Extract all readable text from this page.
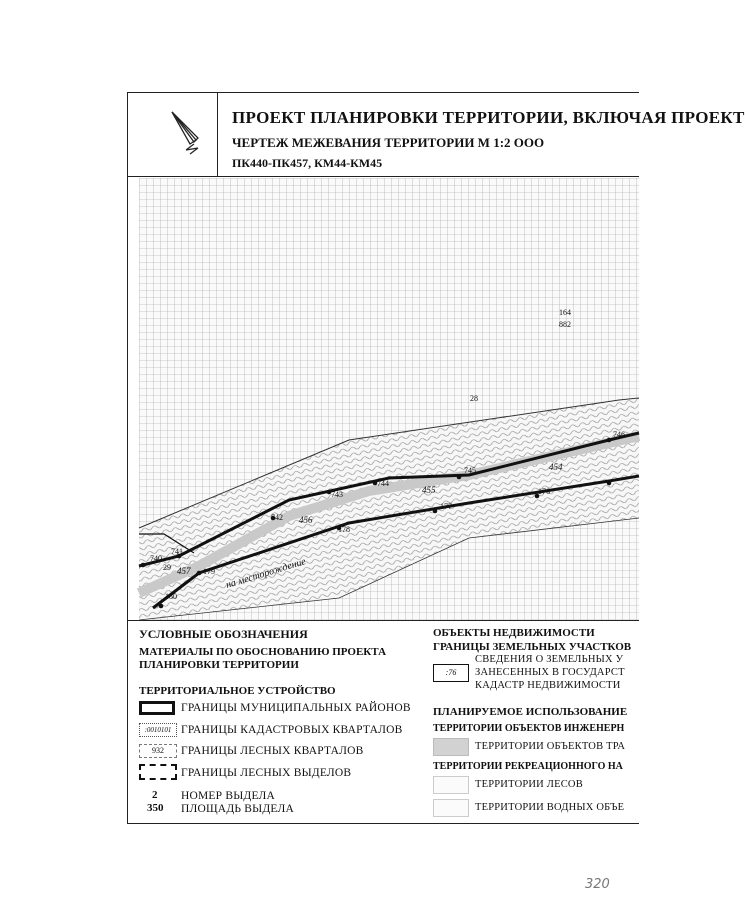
ПРОЕКТ ПЛАНИРОВКИ ТЕРРИТОРИИ, ВКЛЮЧАЯ ПРОЕКТ
ЧЕРТЕЖ МЕЖЕВАНИЯ ТЕРРИТОРИИ М 1:2 ООО
ПК440-ПК457, КМ44-КМ45
164
882
28
746
745
744
743
742
741
740
454
455
456
457
176
177
178
179
180
29	на месторождение
УСЛОВНЫЕ ОБОЗНАЧЕНИЯ
МАТЕРИАЛЫ ПО ОБОСНОВАНИЮ ПРОЕКТА
ПЛАНИРОВКИ ТЕРРИТОРИИ
ТЕРРИТОРИАЛЬНОЕ УСТРОЙСТВО
ГРАНИЦЫ МУНИЦИПАЛЬНЫХ РАЙОНОВ
:0010101 ГРАНИЦЫ КАДАСТРОВЫХ КВАРТАЛОВ
932	ГРАНИЦЫ ЛЕСНЫХ КВАРТАЛОВ
ГРАНИЦЫ ЛЕСНЫХ ВЫДЕЛОВ
2 НОМЕР ВЫДЕЛА
350 ПЛОЩАДЬ ВЫДЕЛА
ОБЪЕКТЫ НЕДВИЖИМОСТИ
ГРАНИЦЫ ЗЕМЕЛЬНЫХ УЧАСТКОВ
:76
СВЕДЕНИЯ О ЗЕМЕЛЬНЫХ У
ЗАНЕСЕННЫХ В ГОСУДАРСТ
КАДАСТР НЕДВИЖИМОСТИ
ПЛАНИРУЕМОЕ ИСПОЛЬЗОВАНИЕ
ТЕРРИТОРИИ ОБЪЕКТОВ ИНЖЕНЕРН
ТЕРРИТОРИИ ОБЪЕКТОВ ТРА
ТЕРРИТОРИИ РЕКРЕАЦИОННОГО НА
ТЕРРИТОРИИ ЛЕСОВ
ТЕРРИТОРИИ ВОДНЫХ ОБЪЕ
320
